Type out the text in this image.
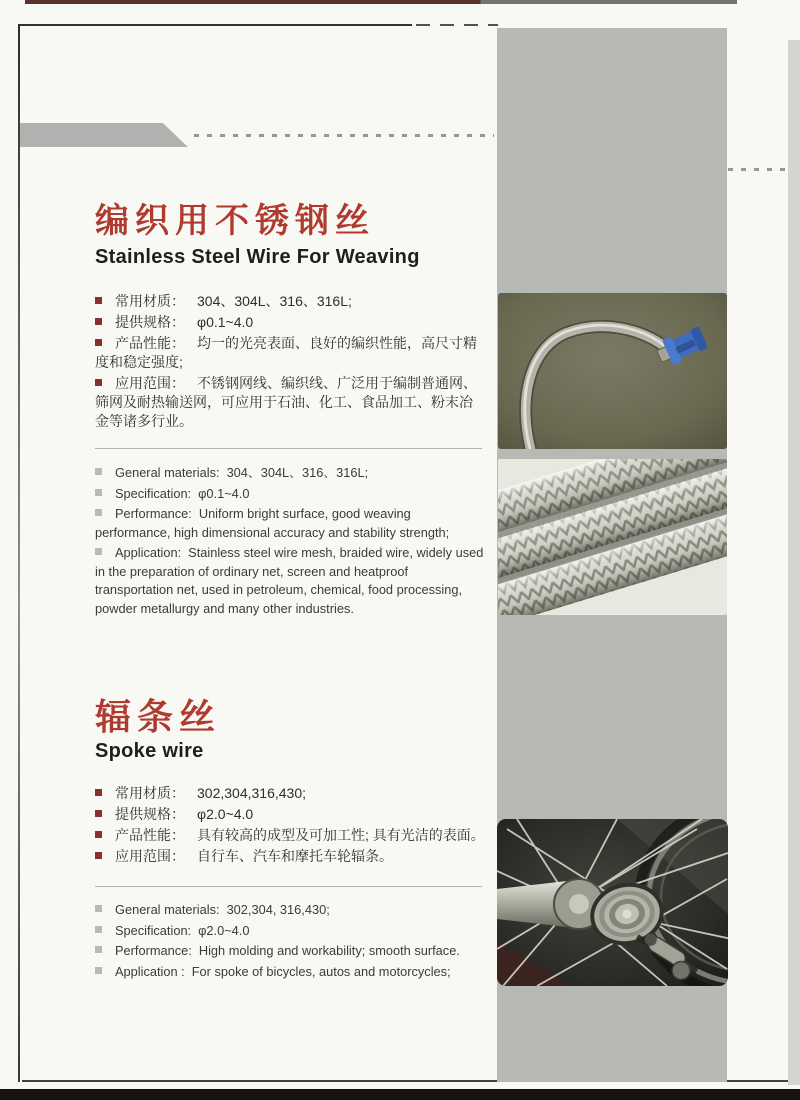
编织用不锈钢丝
Stainless Steel Wire For Weaving

常用材质： 304、304L、316、316L;

提供规格： φ0.1~4.0

产品性能： 均一的光亮表面、良好的编织性能，高尺寸精度和稳定强度;

应用范围： 不锈钢网线、编织线、广泛用于编制普通网、筛网及耐热输送网，可应用于石油、化工、食品加工、粉末冶金等诸多行业。

General materials: 304、304L、316、316L;

Specification: φ0.1~4.0

Performance: Uniform bright surface, good weaving performance, high dimensional accuracy and stability strength;

Application: Stainless steel wire mesh, braided wire, widely used in the preparation of ordinary net, screen and heatproof transportation net, used in petroleum, chemical, food processing, powder metallurgy and many other industries.

辐条丝
Spoke wire

常用材质： 302,304,316,430;

提供规格： φ2.0~4.0

产品性能： 具有较高的成型及可加工性; 具有光洁的表面。

应用范围： 自行车、汽车和摩托车轮辐条。

General materials: 302,304, 316,430;

Specification: φ2.0~4.0

Performance: High molding and workability; smooth surface.

Application : For spoke of bicycles, autos and motorcycles;
